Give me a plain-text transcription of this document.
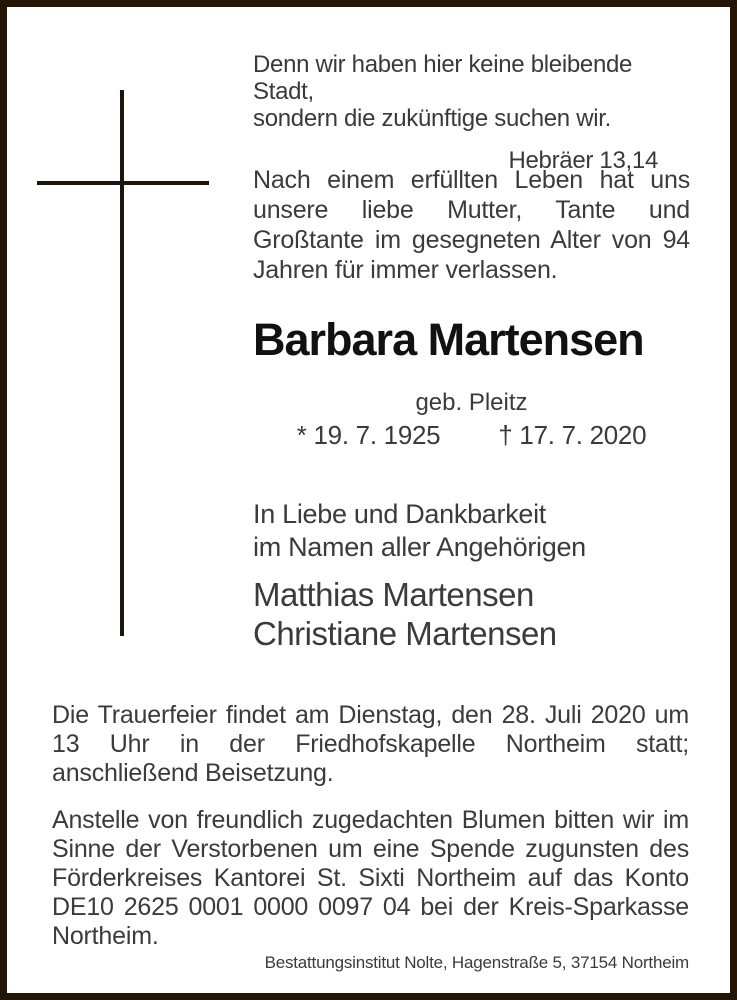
Denn wir haben hier keine bleibende Stadt,
sondern die zukünftige suchen wir.
Hebräer 13,14
Nach einem erfüllten Leben hat uns unsere liebe Mutter, Tante und Großtante im gesegneten Alter von 94 Jahren für immer verlassen.
Barbara Martensen
geb. Pleitz
* 19. 7. 1925 † 17. 7. 2020
In Liebe und Dankbarkeit
im Namen aller Angehörigen
Matthias Martensen
Christiane Martensen
Die Trauerfeier findet am Dienstag, den 28. Juli 2020 um 13 Uhr in der Friedhofskapelle Northeim statt; anschließend Beisetzung.
Anstelle von freundlich zugedachten Blumen bitten wir im Sinne der Verstorbenen um eine Spende zugunsten des Förderkreises Kantorei St. Sixti Northeim auf das Konto DE10 2625 0001 0000 0097 04 bei der Kreis-Sparkasse Northeim.
Bestattungsinstitut Nolte, Hagenstraße 5, 37154 Northeim
